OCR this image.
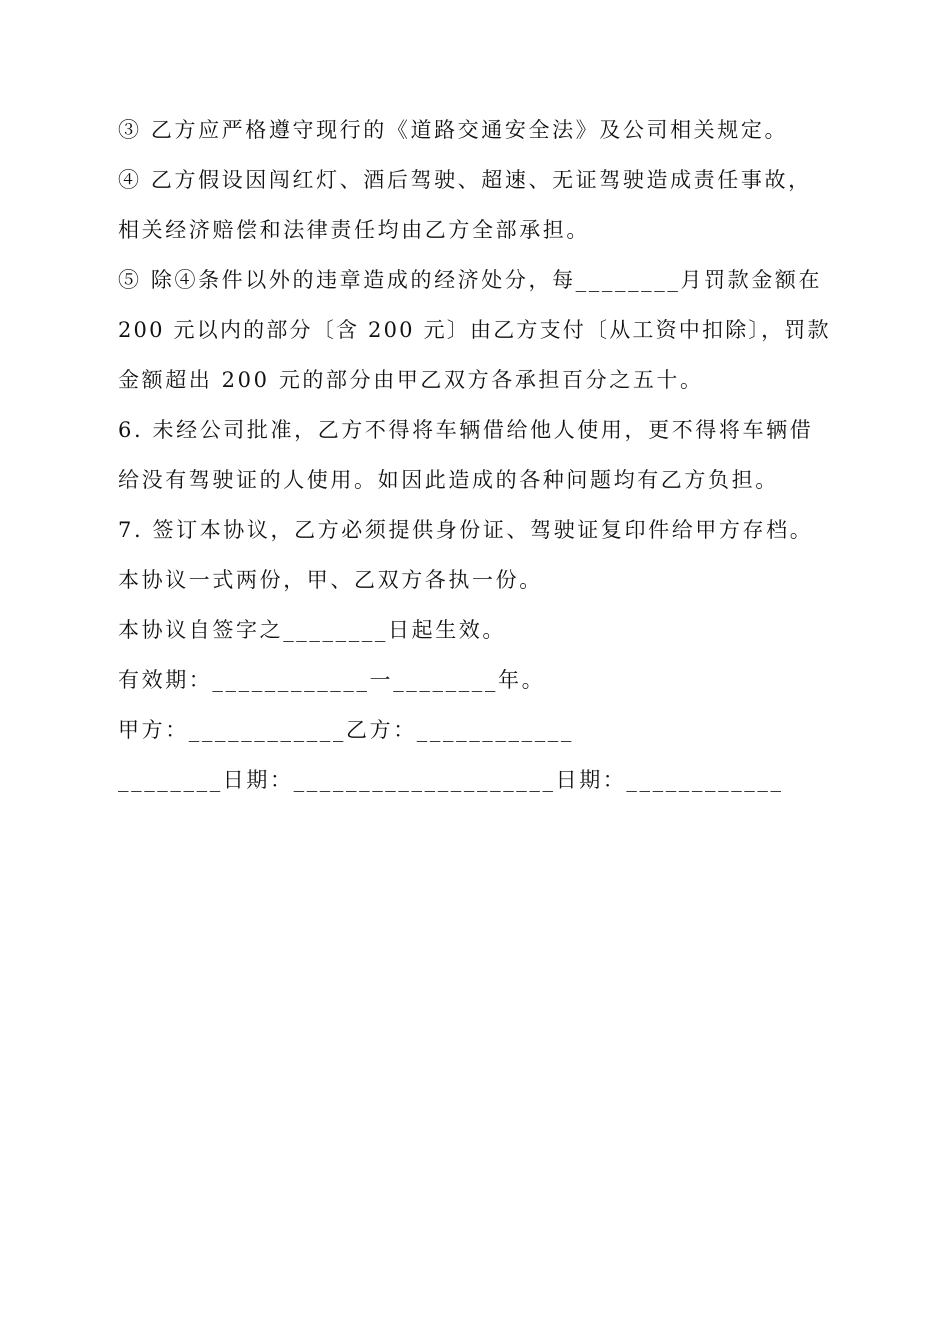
③ 乙方应严格遵守现行的《道路交通安全法》及公司相关规定。
④ 乙方假设因闯红灯、酒后驾驶、超速、无证驾驶造成责任事故，
相关经济赔偿和法律责任均由乙方全部承担。
⑤ 除④条件以外的违章造成的经济处分，每________月罚款金额在
200 元以内的部分〔含 200 元〕由乙方支付〔从工资中扣除〕，罚款
金额超出 200 元的部分由甲乙双方各承担百分之五十。
6. 未经公司批准，乙方不得将车辆借给他人使用，更不得将车辆借
给没有驾驶证的人使用。如因此造成的各种问题均有乙方负担。
7. 签订本协议，乙方必须提供身份证、驾驶证复印件给甲方存档。
本协议一式两份，甲、乙双方各执一份。
本协议自签字之________日起生效。
有效期：____________一________年。
甲方：____________乙方：____________
________日期：____________________日期：____________
